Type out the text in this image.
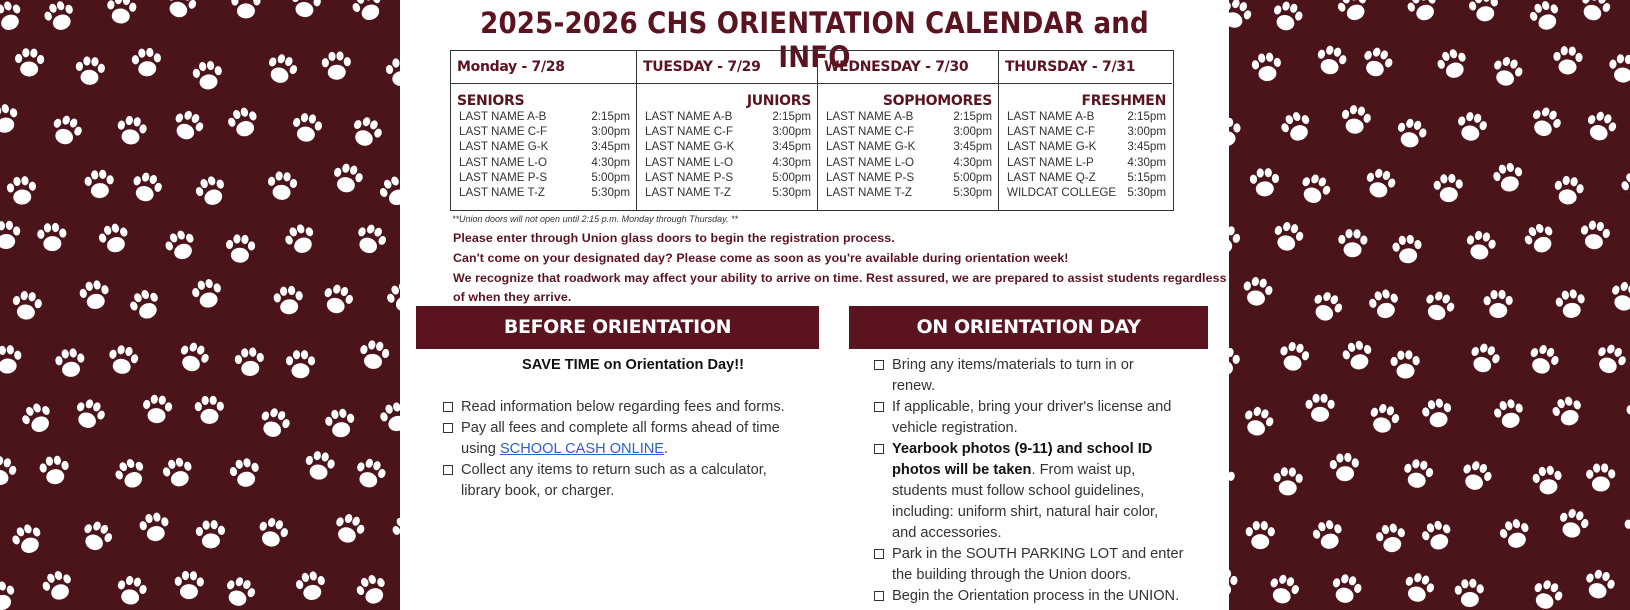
2025-2026 CHS ORIENTATION CALENDAR and INFO
Monday - 7/28
SENIORS
LAST NAME A-B	2:15pm
LAST NAME C-F	3:00pm
LAST NAME G-K	3:45pm
LAST NAME L-O	4:30pm
LAST NAME P-S	5:00pm
LAST NAME T-Z	5:30pm
TUESDAY - 7/29
JUNIORS
LAST NAME A-B	2:15pm
LAST NAME C-F	3:00pm
LAST NAME G-K	3:45pm
LAST NAME L-O	4:30pm
LAST NAME P-S	5:00pm
LAST NAME T-Z	5:30pm
WEDNESDAY - 7/30
SOPHOMORES
LAST NAME A-B	2:15pm
LAST NAME C-F	3:00pm
LAST NAME G-K	3:45pm
LAST NAME L-O	4:30pm
LAST NAME P-S	5:00pm
LAST NAME T-Z	5:30pm
THURSDAY - 7/31
FRESHMEN
LAST NAME A-B	2:15pm
LAST NAME C-F	3:00pm
LAST NAME G-K	3:45pm
LAST NAME L-P	4:30pm
LAST NAME Q-Z	5:15pm
WILDCAT COLLEGE 5:30pm
**Union doors will not open until 2:15 p.m. Monday through Thursday. **
Please enter through Union glass doors to begin the registration process.
Can't come on your designated day? Please come as soon as you're available during orientation week!
We recognize that roadwork may affect your ability to arrive on time. Rest assured, we are prepared to assist students regardless
of when they arrive.
BEFORE ORIENTATION	ON ORIENTATION DAY
SAVE TIME on Orientation Day!!
Read information below regarding fees and forms.
Pay all fees and complete all forms ahead of time
using SCHOOL CASH ONLINE.
Collect any items to return such as a calculator,
library book, or charger.
Bring any items/materials to turn in or
renew.
If applicable, bring your driver's license and
vehicle registration.
Yearbook photos (9-11) and school ID
photos will be taken. From waist up,
students must follow school guidelines,
including: uniform shirt, natural hair color,
and accessories.
Park in the SOUTH PARKING LOT and enter
the building through the Union doors.
Begin the Orientation process in the UNION.
